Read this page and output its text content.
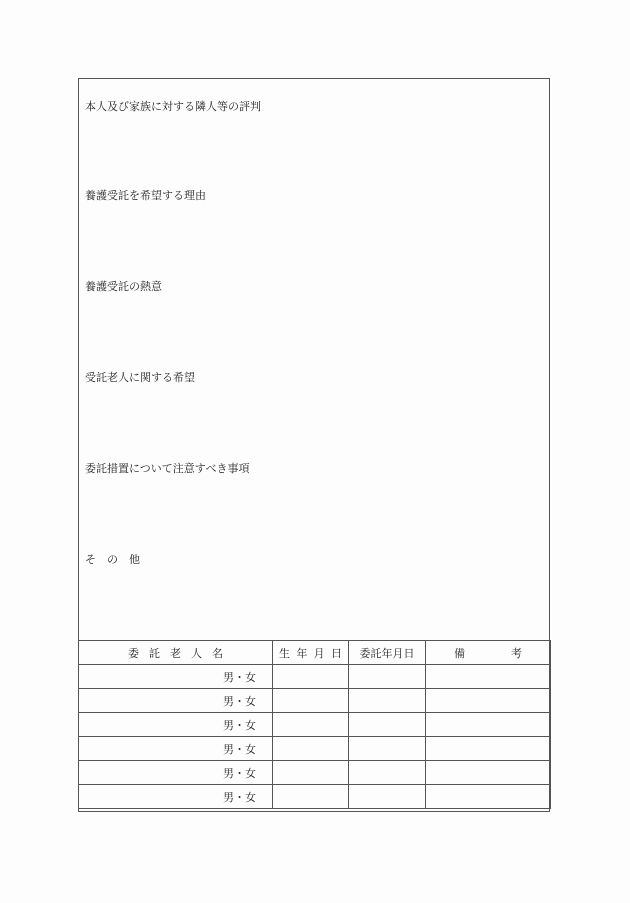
本人及び家族に対する隣人等の評判
養護受託を希望する理由
養護受託の熱意
受託老人に関する希望
委託措置について注意すべき事項
そ　の　他
委 託 老 人 名	生 年 月 日	委託年月日	備 考

男・女			
男・女			
男・女			
男・女			
男・女			
男・女			
